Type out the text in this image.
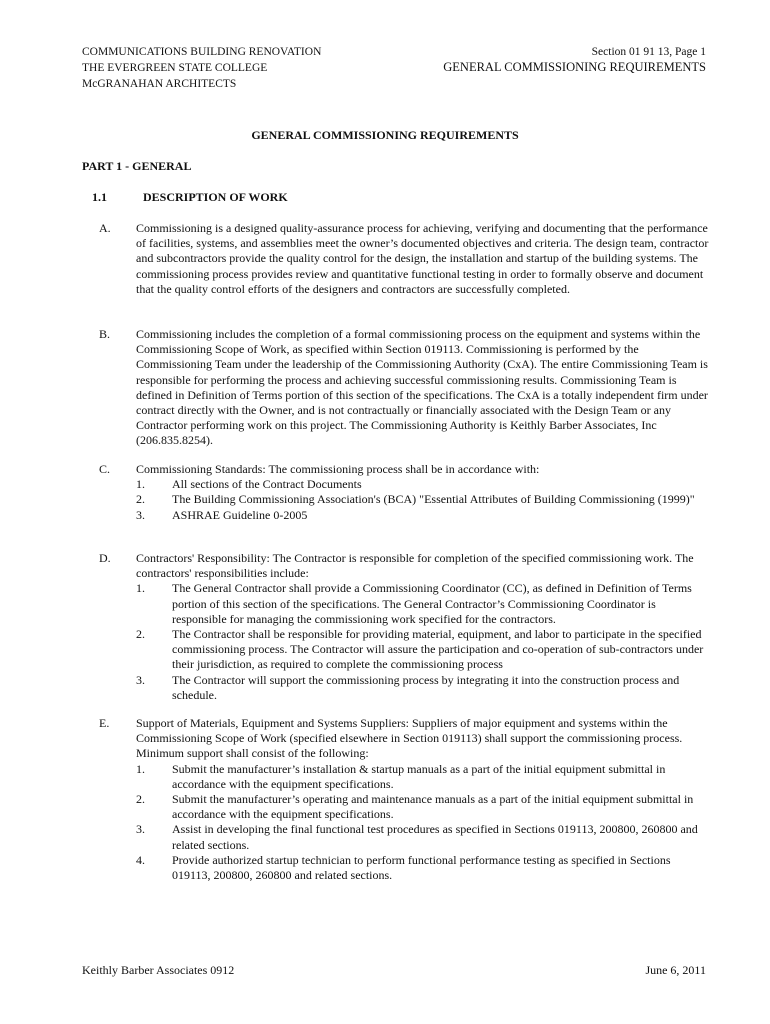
COMMUNICATIONS BUILDING RENOVATION
THE EVERGREEN STATE COLLEGE
McGRANAHAN ARCHITECTS
Section 01 91 13, Page 1
GENERAL COMMISSIONING REQUIREMENTS
GENERAL COMMISSIONING REQUIREMENTS
PART 1 - GENERAL
1.1	DESCRIPTION OF WORK
A. Commissioning is a designed quality-assurance process for achieving, verifying and documenting that the performance of facilities, systems, and assemblies meet the owner’s documented objectives and criteria. The design team, contractor and subcontractors provide the quality control for the design, the installation and startup of the building systems. The commissioning process provides review and quantitative functional testing in order to formally observe and document that the quality control efforts of the designers and contractors are successfully completed.
B. Commissioning includes the completion of a formal commissioning process on the equipment and systems within the Commissioning Scope of Work, as specified within Section 019113. Commissioning is performed by the Commissioning Team under the leadership of the Commissioning Authority (CxA). The entire Commissioning Team is responsible for performing the process and achieving successful commissioning results. Commissioning Team is defined in Definition of Terms portion of this section of the specifications. The CxA is a totally independent firm under contract directly with the Owner, and is not contractually or financially associated with the Design Team or any Contractor performing work on this project. The Commissioning Authority is Keithly Barber Associates, Inc (206.835.8254).
C. Commissioning Standards: The commissioning process shall be in accordance with:
1. All sections of the Contract Documents
2. The Building Commissioning Association's (BCA) "Essential Attributes of Building Commissioning (1999)"
3. ASHRAE Guideline 0-2005
D. Contractors' Responsibility: The Contractor is responsible for completion of the specified commissioning work. The contractors' responsibilities include:
1. The General Contractor shall provide a Commissioning Coordinator (CC), as defined in Definition of Terms portion of this section of the specifications. The General Contractor’s Commissioning Coordinator is responsible for managing the commissioning work specified for the contractors.
2. The Contractor shall be responsible for providing material, equipment, and labor to participate in the specified commissioning process. The Contractor will assure the participation and co-operation of sub-contractors under their jurisdiction, as required to complete the commissioning process
3. The Contractor will support the commissioning process by integrating it into the construction process and schedule.
E. Support of Materials, Equipment and Systems Suppliers: Suppliers of major equipment and systems within the Commissioning Scope of Work (specified elsewhere in Section 019113) shall support the commissioning process. Minimum support shall consist of the following:
1. Submit the manufacturer’s installation & startup manuals as a part of the initial equipment submittal in accordance with the equipment specifications.
2. Submit the manufacturer’s operating and maintenance manuals as a part of the initial equipment submittal in accordance with the equipment specifications.
3. Assist in developing the final functional test procedures as specified in Sections 019113, 200800, 260800 and related sections.
4. Provide authorized startup technician to perform functional performance testing as specified in Sections 019113, 200800, 260800 and related sections.
Keithly Barber Associates 0912	June 6, 2011
